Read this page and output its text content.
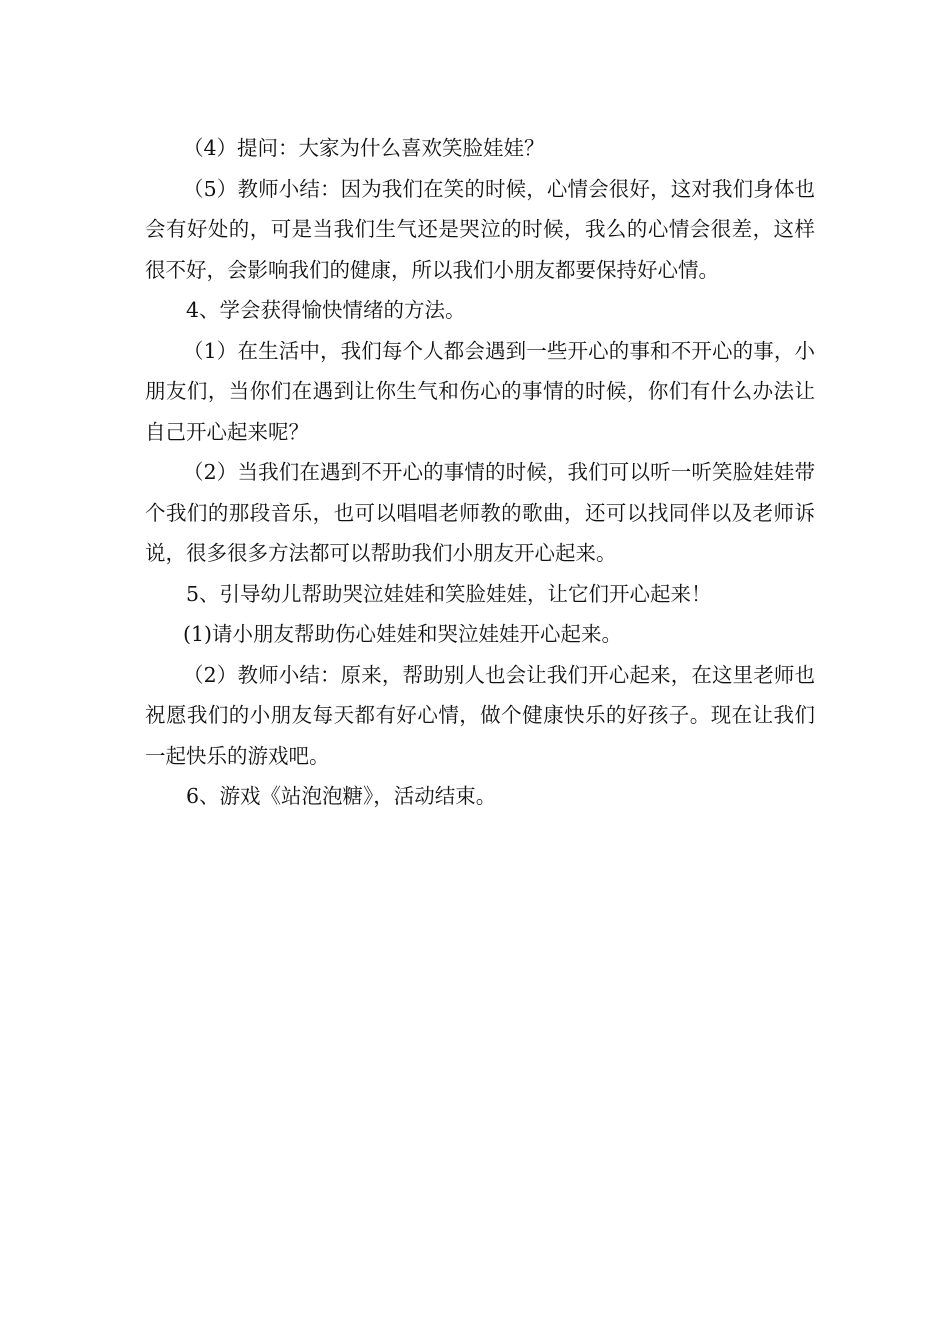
（4）提问：大家为什么喜欢笑脸娃娃？

（5）教师小结：因为我们在笑的时候，心情会很好，这对我们身体也会有好处的，可是当我们生气还是哭泣的时候，我么的心情会很差，这样很不好，会影响我们的健康，所以我们小朋友都要保持好心情。

4、学会获得愉快情绪的方法。

（1）在生活中，我们每个人都会遇到一些开心的事和不开心的事，小朋友们，当你们在遇到让你生气和伤心的事情的时候，你们有什么办法让自己开心起来呢？

（2）当我们在遇到不开心的事情的时候，我们可以听一听笑脸娃娃带个我们的那段音乐，也可以唱唱老师教的歌曲，还可以找同伴以及老师诉说，很多很多方法都可以帮助我们小朋友开心起来。

5、引导幼儿帮助哭泣娃娃和笑脸娃娃，让它们开心起来！

(1)请小朋友帮助伤心娃娃和哭泣娃娃开心起来。

（2）教师小结：原来，帮助别人也会让我们开心起来，在这里老师也祝愿我们的小朋友每天都有好心情，做个健康快乐的好孩子。现在让我们一起快乐的游戏吧。

6、游戏《站泡泡糖》，活动结束。
